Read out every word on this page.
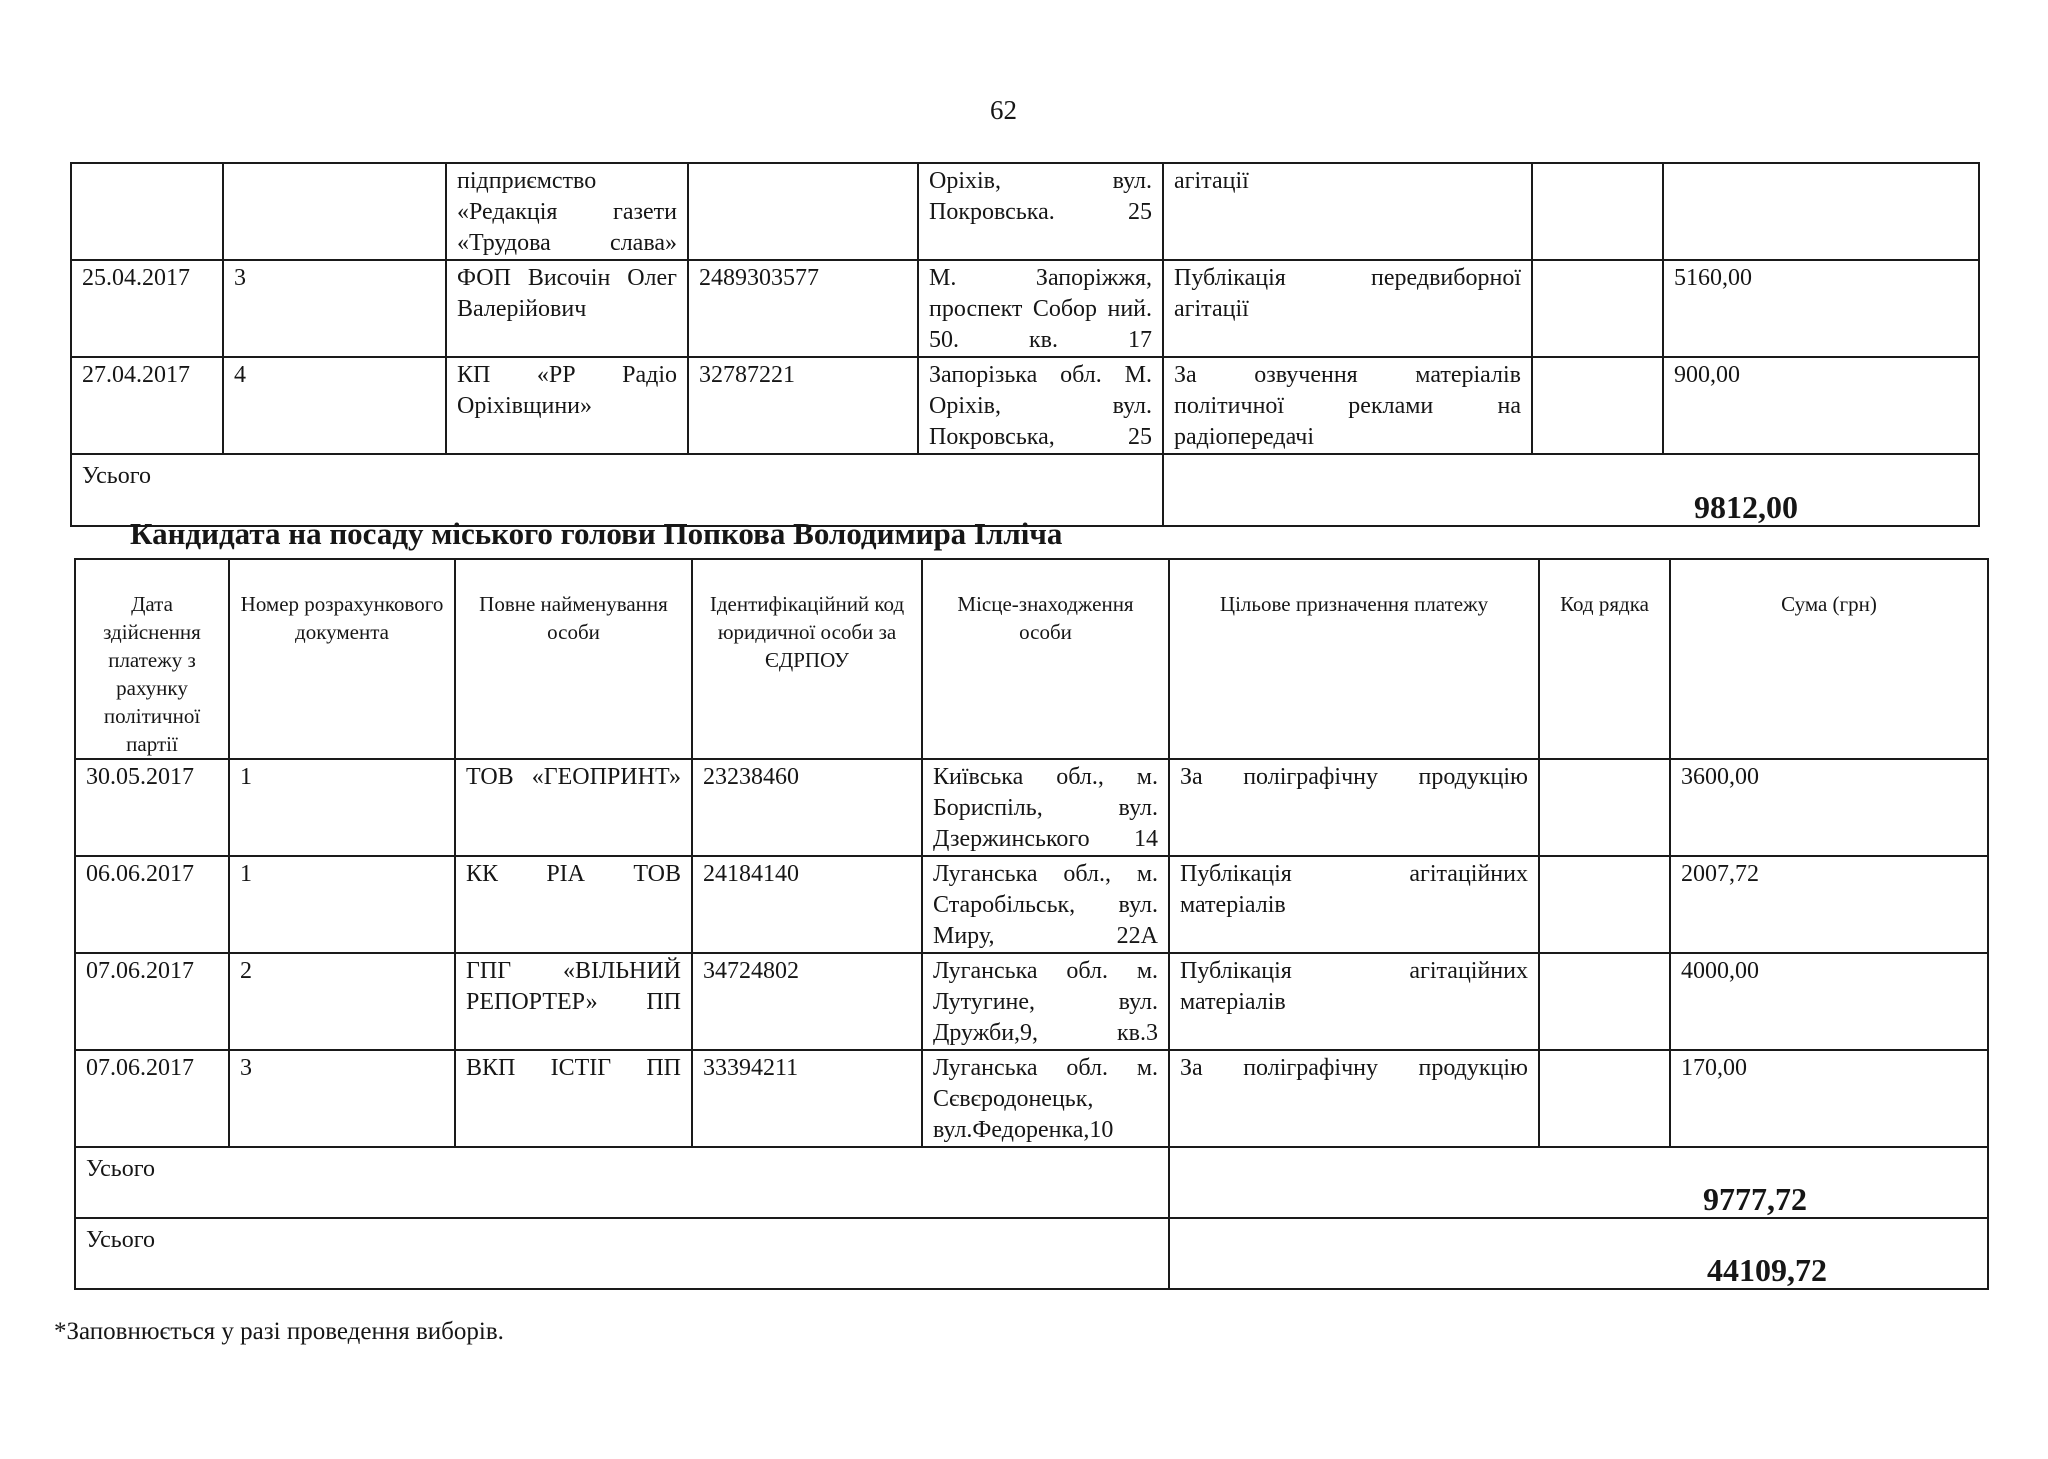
62
		підприємство «Редакція газети «Трудова слава»		Оріхів, вул. Покровська. 25	агітації		
25.04.2017	3	ФОП Височін Олег Валерійович	2489303577	М. Запоріжжя, проспект Собор ний. 50. кв. 17	Публікація передвиборної агітації		5160,00
27.04.2017	4	КП «РР Радіо Оріхівщини»	32787221	Запорізька обл. М. Оріхів, вул. Покровська, 25	За озвучення матеріалів політичної реклами на радіопередачі		900,00
Усього					9812,00		
Кандидата на посаду міського голови Попкова Володимира Ілліча
Дата здійснення платежу з рахунку політичної партії	Номер розрахункового документа	Повне найменування особи	Ідентифікаційний код юридичної особи за ЄДРПОУ	Місце-знаходження особи	Цільове призначення платежу	Код рядка	Сума (грн)
30.05.2017	1	ТОВ «ГЕОПРИНТ»	23238460	Київська обл., м. Бориспіль, вул. Дзержинського 14	За поліграфічну продукцію		3600,00
06.06.2017	1	КК РІА ТОВ	24184140	Луганська обл., м. Старобільськ, вул. Миру, 22А	Публікація агітаційних матеріалів		2007,72
07.06.2017	2	ГПГ «ВІЛЬНИЙ РЕПОРТЕР» ПП	34724802	Луганська обл. м. Лутугине, вул. Дружби,9, кв.3	Публікація агітаційних матеріалів		4000,00
07.06.2017	3	ВКП ІСТІГ ПП	33394211	Луганська обл. м. Сєвєродонецьк, вул.Федоренка,10	За поліграфічну продукцію		170,00
Усього					9777,72		
Усього					44109,72		
*Заповнюється у разі проведення виборів.
